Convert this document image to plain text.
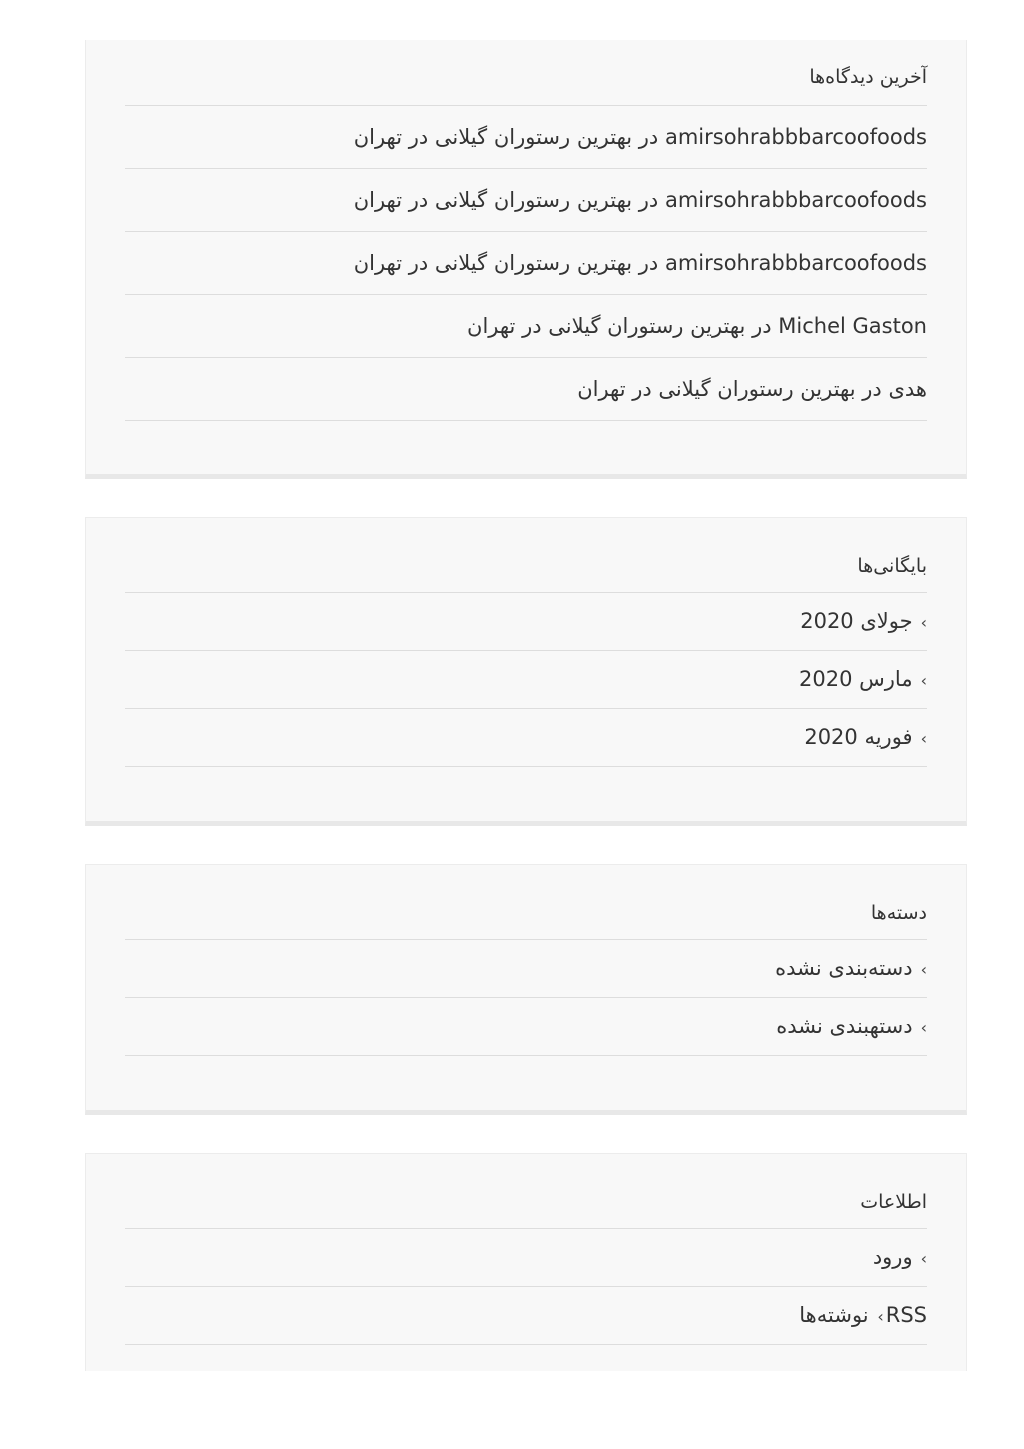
آخرین دیدگاه‌ها
amirsohrabbbarcoofoods در بهترین رستوران گیلانی در تهران
amirsohrabbbarcoofoods در بهترین رستوران گیلانی در تهران
amirsohrabbbarcoofoods در بهترین رستوران گیلانی در تهران
Michel Gaston در بهترین رستوران گیلانی در تهران
هدی در بهترین رستوران گیلانی در تهران
بایگانی‌ها
›جولای 2020
›مارس 2020
›فوریه 2020
دسته‌ها
›دسته‌بندی نشده
›دستهبندی نشده
اطلاعات
›ورود
RSS› نوشته‌ها
